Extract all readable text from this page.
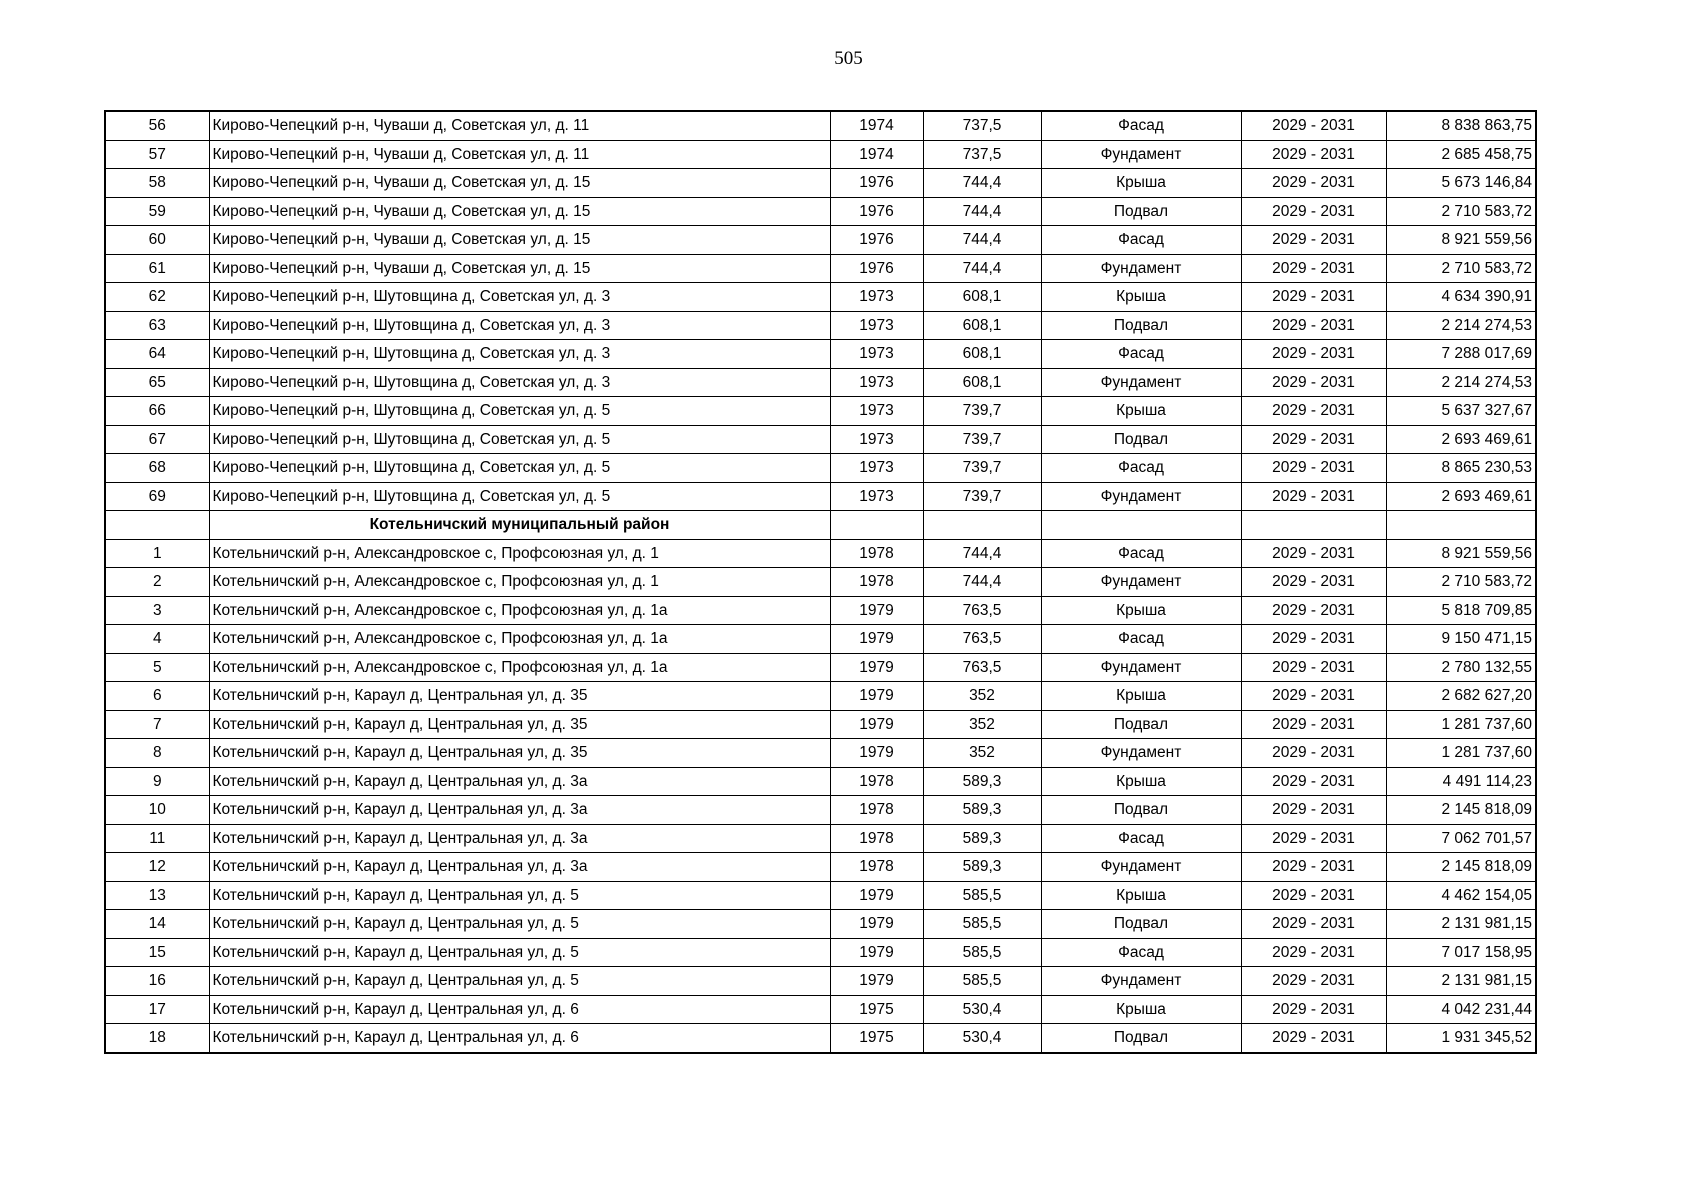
505
56	Кирово-Чепецкий р-н, Чуваши д, Советская ул, д. 11	1974	737,5	Фасад	2029 - 2031	8 838 863,75
57	Кирово-Чепецкий р-н, Чуваши д, Советская ул, д. 11	1974	737,5	Фундамент	2029 - 2031	2 685 458,75
58	Кирово-Чепецкий р-н, Чуваши д, Советская ул, д. 15	1976	744,4	Крыша	2029 - 2031	5 673 146,84
59	Кирово-Чепецкий р-н, Чуваши д, Советская ул, д. 15	1976	744,4	Подвал	2029 - 2031	2 710 583,72
60	Кирово-Чепецкий р-н, Чуваши д, Советская ул, д. 15	1976	744,4	Фасад	2029 - 2031	8 921 559,56
61	Кирово-Чепецкий р-н, Чуваши д, Советская ул, д. 15	1976	744,4	Фундамент	2029 - 2031	2 710 583,72
62	Кирово-Чепецкий р-н, Шутовщина д, Советская ул, д. 3	1973	608,1	Крыша	2029 - 2031	4 634 390,91
63	Кирово-Чепецкий р-н, Шутовщина д, Советская ул, д. 3	1973	608,1	Подвал	2029 - 2031	2 214 274,53
64	Кирово-Чепецкий р-н, Шутовщина д, Советская ул, д. 3	1973	608,1	Фасад	2029 - 2031	7 288 017,69
65	Кирово-Чепецкий р-н, Шутовщина д, Советская ул, д. 3	1973	608,1	Фундамент	2029 - 2031	2 214 274,53
66	Кирово-Чепецкий р-н, Шутовщина д, Советская ул, д. 5	1973	739,7	Крыша	2029 - 2031	5 637 327,67
67	Кирово-Чепецкий р-н, Шутовщина д, Советская ул, д. 5	1973	739,7	Подвал	2029 - 2031	2 693 469,61
68	Кирово-Чепецкий р-н, Шутовщина д, Советская ул, д. 5	1973	739,7	Фасад	2029 - 2031	8 865 230,53
69	Кирово-Чепецкий р-н, Шутовщина д, Советская ул, д. 5	1973	739,7	Фундамент	2029 - 2031	2 693 469,61
	Котельничский муниципальный район					
1	Котельничский р-н, Александровское с, Профсоюзная ул, д. 1	1978	744,4	Фасад	2029 - 2031	8 921 559,56
2	Котельничский р-н, Александровское с, Профсоюзная ул, д. 1	1978	744,4	Фундамент	2029 - 2031	2 710 583,72
3	Котельничский р-н, Александровское с, Профсоюзная ул, д. 1а	1979	763,5	Крыша	2029 - 2031	5 818 709,85
4	Котельничский р-н, Александровское с, Профсоюзная ул, д. 1а	1979	763,5	Фасад	2029 - 2031	9 150 471,15
5	Котельничский р-н, Александровское с, Профсоюзная ул, д. 1а	1979	763,5	Фундамент	2029 - 2031	2 780 132,55
6	Котельничский р-н, Караул д, Центральная ул, д. 35	1979	352	Крыша	2029 - 2031	2 682 627,20
7	Котельничский р-н, Караул д, Центральная ул, д. 35	1979	352	Подвал	2029 - 2031	1 281 737,60
8	Котельничский р-н, Караул д, Центральная ул, д. 35	1979	352	Фундамент	2029 - 2031	1 281 737,60
9	Котельничский р-н, Караул д, Центральная ул, д. 3а	1978	589,3	Крыша	2029 - 2031	4 491 114,23
10	Котельничский р-н, Караул д, Центральная ул, д. 3а	1978	589,3	Подвал	2029 - 2031	2 145 818,09
11	Котельничский р-н, Караул д, Центральная ул, д. 3а	1978	589,3	Фасад	2029 - 2031	7 062 701,57
12	Котельничский р-н, Караул д, Центральная ул, д. 3а	1978	589,3	Фундамент	2029 - 2031	2 145 818,09
13	Котельничский р-н, Караул д, Центральная ул, д. 5	1979	585,5	Крыша	2029 - 2031	4 462 154,05
14	Котельничский р-н, Караул д, Центральная ул, д. 5	1979	585,5	Подвал	2029 - 2031	2 131 981,15
15	Котельничский р-н, Караул д, Центральная ул, д. 5	1979	585,5	Фасад	2029 - 2031	7 017 158,95
16	Котельничский р-н, Караул д, Центральная ул, д. 5	1979	585,5	Фундамент	2029 - 2031	2 131 981,15
17	Котельничский р-н, Караул д, Центральная ул, д. 6	1975	530,4	Крыша	2029 - 2031	4 042 231,44
18	Котельничский р-н, Караул д, Центральная ул, д. 6	1975	530,4	Подвал	2029 - 2031	1 931 345,52
